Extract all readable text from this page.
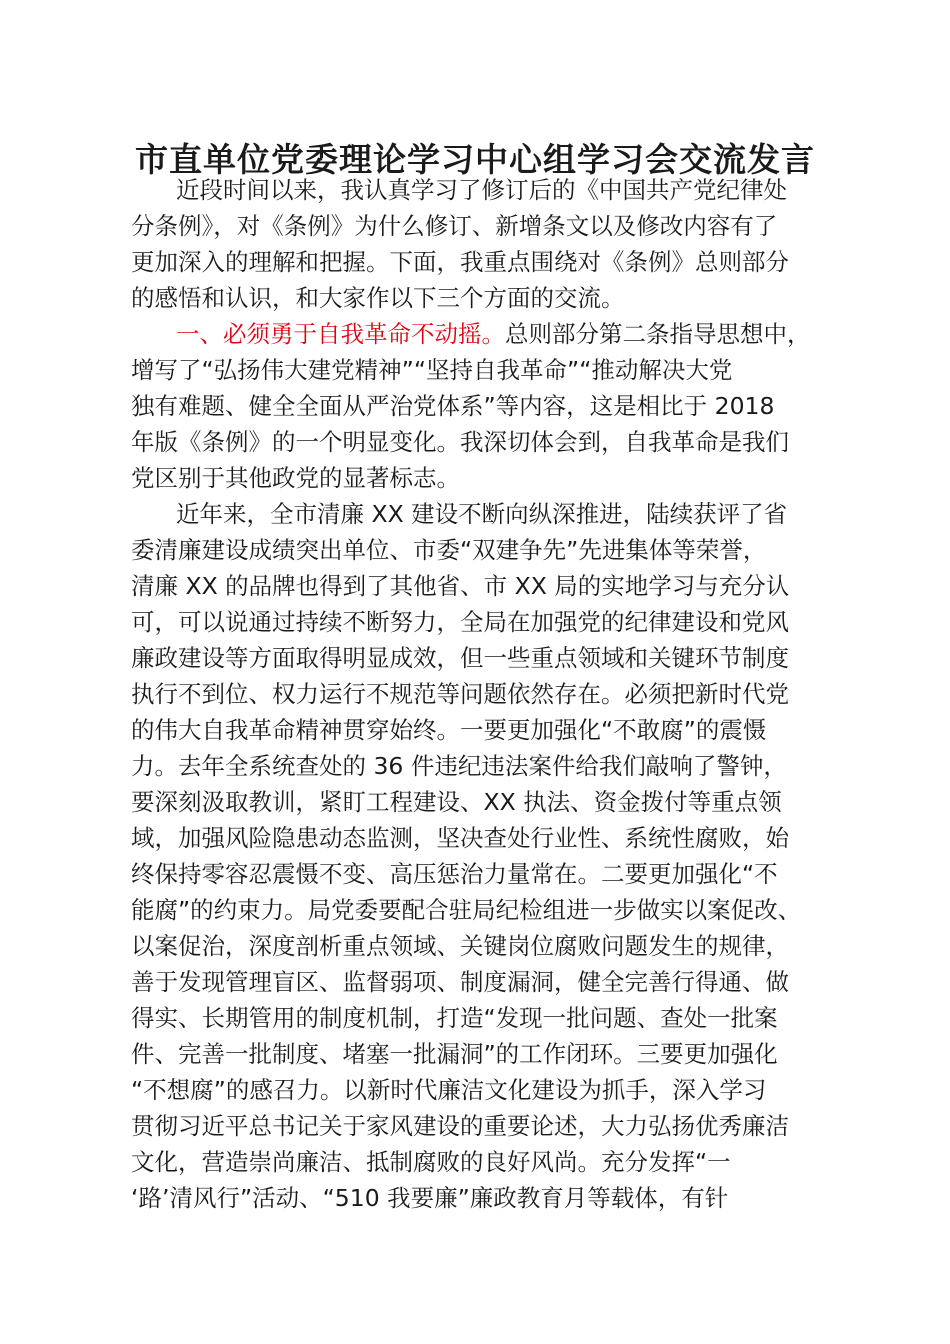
市直单位党委理论学习中心组学习会交流发言
近段时间以来，我认真学习了修订后的《中国共产党纪律处
分条例》，对《条例》为什么修订、新增条文以及修改内容有了
更加深入的理解和把握。下面，我重点围绕对《条例》总则部分
的感悟和认识，和大家作以下三个方面的交流。
一、必须勇于自我革命不动摇。总则部分第二条指导思想中，
增写了“弘扬伟大建党精神”“坚持自我革命”“推动解决大党
独有难题、健全全面从严治党体系”等内容，这是相比于 2018
年版《条例》的一个明显变化。我深切体会到，自我革命是我们
党区别于其他政党的显著标志。
近年来，全市清廉 XX 建设不断向纵深推进，陆续获评了省
委清廉建设成绩突出单位、市委“双建争先”先进集体等荣誉，
清廉 XX 的品牌也得到了其他省、市 XX 局的实地学习与充分认
可，可以说通过持续不断努力，全局在加强党的纪律建设和党风
廉政建设等方面取得明显成效，但一些重点领域和关键环节制度
执行不到位、权力运行不规范等问题依然存在。必须把新时代党
的伟大自我革命精神贯穿始终。一要更加强化“不敢腐”的震慑
力。去年全系统查处的 36 件违纪违法案件给我们敲响了警钟，
要深刻汲取教训，紧盯工程建设、XX 执法、资金拨付等重点领
域，加强风险隐患动态监测，坚决查处行业性、系统性腐败，始
终保持零容忍震慑不变、高压惩治力量常在。二要更加强化“不
能腐”的约束力。局党委要配合驻局纪检组进一步做实以案促改、
以案促治，深度剖析重点领域、关键岗位腐败问题发生的规律，
善于发现管理盲区、监督弱项、制度漏洞，健全完善行得通、做
得实、长期管用的制度机制，打造“发现一批问题、查处一批案
件、完善一批制度、堵塞一批漏洞”的工作闭环。三要更加强化
“不想腐”的感召力。以新时代廉洁文化建设为抓手，深入学习
贯彻习近平总书记关于家风建设的重要论述，大力弘扬优秀廉洁
文化，营造崇尚廉洁、抵制腐败的良好风尚。充分发挥“一
‘路’清风行”活动、“510 我要廉”廉政教育月等载体，有针
